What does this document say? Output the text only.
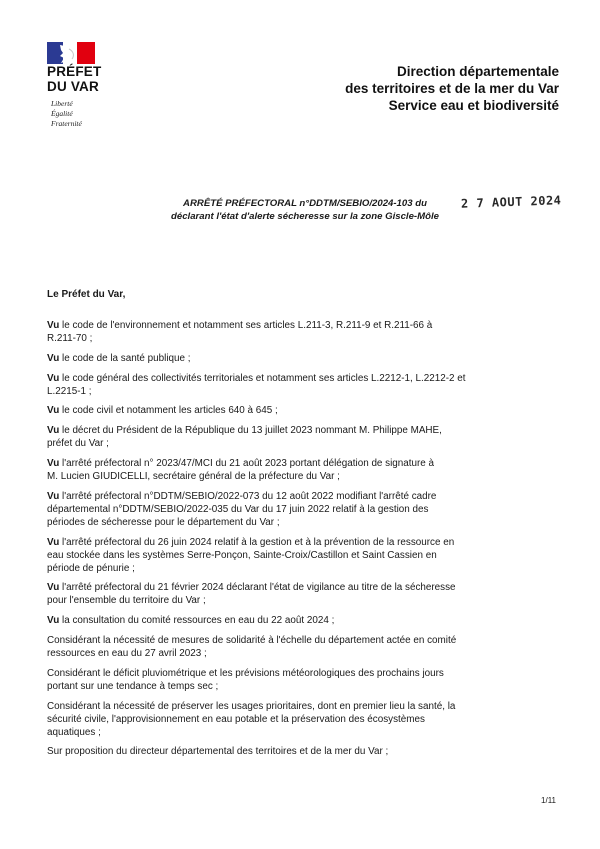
PRÉFET
DU VAR
Liberté
Égalité
Fraternité
Direction départementale
des territoires et de la mer du Var
Service eau et biodiversité
ARRÊTÉ PRÉFECTORAL n°DDTM/SEBIO/2024-103 du
déclarant l'état d'alerte sécheresse sur la zone Giscle-Môle
2 7 AOUT 2024
Le Préfet du Var,
Vu le code de l'environnement et notamment ses articles L.211-3, R.211-9 et R.211-66 à
R.211-70 ;
Vu le code de la santé publique ;
Vu le code général des collectivités territoriales et notamment ses articles L.2212-1, L.2212-2 et
L.2215-1 ;
Vu le code civil et notamment les articles 640 à 645 ;
Vu le décret du Président de la République du 13 juillet 2023 nommant M. Philippe MAHE,
préfet du Var ;
Vu l'arrêté préfectoral n° 2023/47/MCI du 21 août 2023 portant délégation de signature à
M. Lucien GIUDICELLI, secrétaire général de la préfecture du Var ;
Vu l'arrêté préfectoral n°DDTM/SEBIO/2022-073 du 12 août 2022 modifiant l'arrêté cadre
départemental n°DDTM/SEBIO/2022-035 du Var du 17 juin 2022 relatif à la gestion des
périodes de sécheresse pour le département du Var ;
Vu l'arrêté préfectoral du 26 juin 2024 relatif à la gestion et à la prévention de la ressource en
eau stockée dans les systèmes Serre-Ponçon, Sainte-Croix/Castillon et Saint Cassien en
période de pénurie ;
Vu l'arrêté préfectoral du 21 février 2024 déclarant l'état de vigilance au titre de la sécheresse
pour l'ensemble du territoire du Var ;
Vu la consultation du comité ressources en eau du 22 août 2024 ;
Considérant la nécessité de mesures de solidarité à l'échelle du département actée en comité
ressources en eau du 27 avril 2023 ;
Considérant le déficit pluviométrique et les prévisions météorologiques des prochains jours
portant sur une tendance à temps sec ;
Considérant la nécessité de préserver les usages prioritaires, dont en premier lieu la santé, la
sécurité civile, l'approvisionnement en eau potable et la préservation des écosystèmes
aquatiques ;
Sur proposition du directeur départemental des territoires et de la mer du Var ;
1/11
